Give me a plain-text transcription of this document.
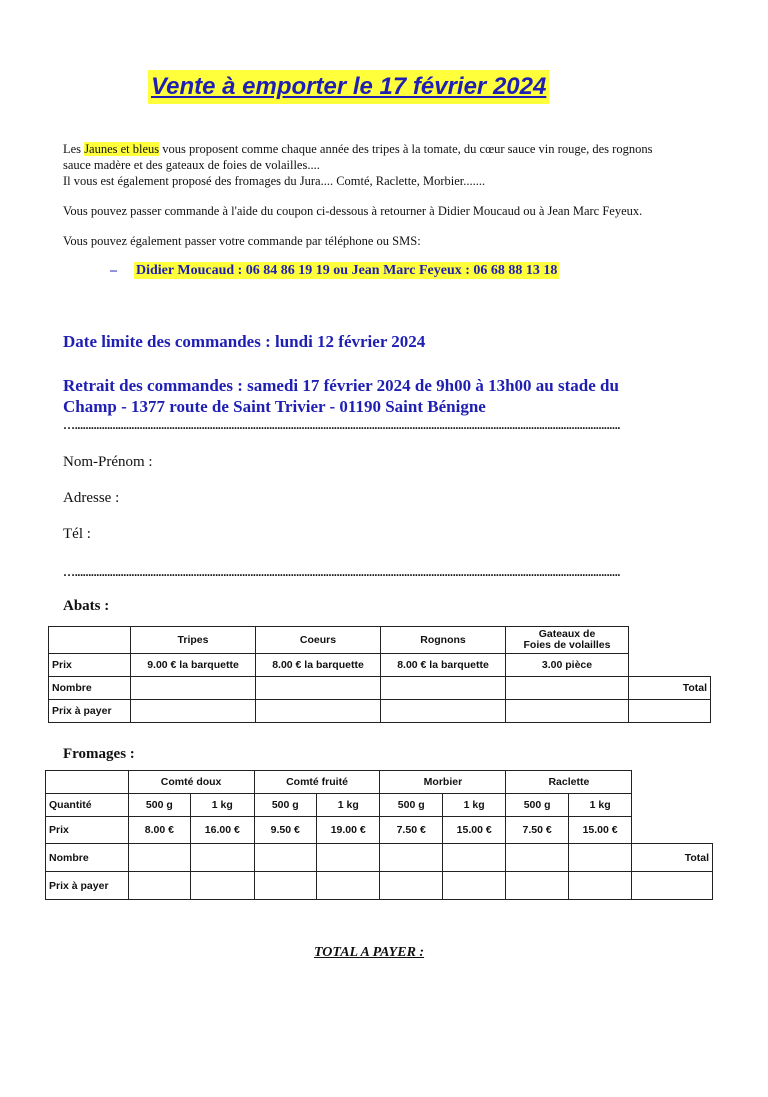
Vente à emporter le 17 février 2024
Les Jaunes et bleus vous proposent comme chaque année des tripes à la tomate, du cœur sauce vin rouge, des rognons
sauce madère et des gateaux de foies de volailles....
Il vous est également proposé des fromages du Jura.... Comté, Raclette, Morbier.......
Vous pouvez passer commande à l'aide du coupon ci-dessous à retourner à Didier Moucaud ou à Jean Marc Feyeux.
Vous pouvez également passer votre commande par téléphone ou SMS:
– Didier Moucaud : 06 84 86 19 19 ou Jean Marc Feyeux : 06 68 88 13 18
Date limite des commandes : lundi 12 février 2024
Retrait des commandes : samedi 17 février 2024 de 9h00 à 13h00 au stade du
Champ - 1377 route de Saint Trivier - 01190 Saint Bénigne
…..........................................................................................................................................................................................................
Nom-Prénom :
Adresse :
Tél :
…..........................................................................................................................................................................................................
Abats :
	Tripes	Coeurs	Rognons	Gateaux de
Foies de volailles	

Prix	9.00 € la barquette	8.00 € la barquette	8.00 € la barquette	3.00 pièce	
Nombre					Total
Prix à payer					
Fromages :
	Comté doux		Comté fruité		Morbier		Raclette		
Quantité	500 g	1 kg	500 g	1 kg	500 g	1 kg	500 g	1 kg	
Prix	8.00 €	16.00 €	9.50 €	19.00 €	7.50 €	15.00 €	7.50 €	15.00 €	
Nombre									Total
Prix à payer									
TOTAL A PAYER :
